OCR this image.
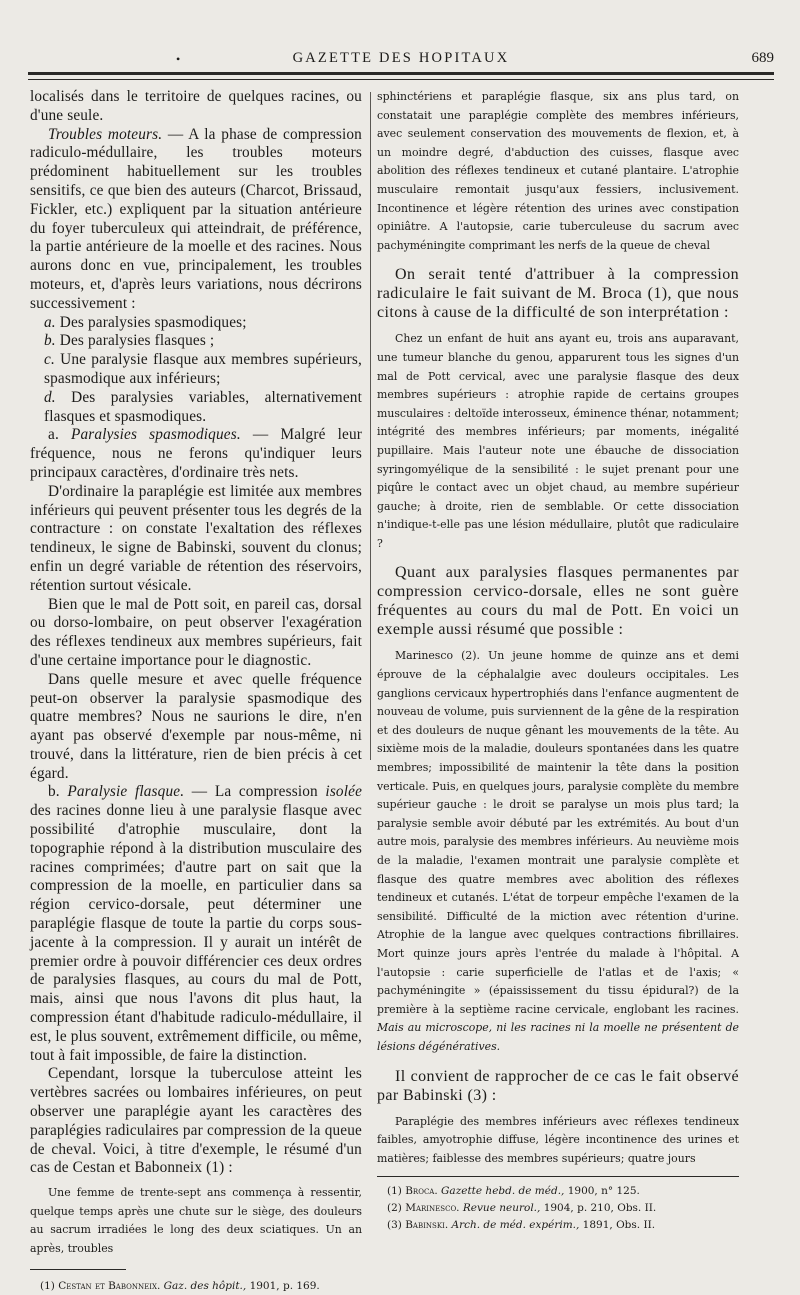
•	GAZETTE DES HOPITAUX	689

localisés dans le territoire de quelques racines, ou d'une seule.

Troubles moteurs. — A la phase de compression radiculo-médullaire, les troubles moteurs prédominent habituellement sur les troubles sensitifs, ce que bien des auteurs (Charcot, Brissaud, Fickler, etc.) expliquent par la situation antérieure du foyer tuberculeux qui atteindrait, de préférence, la partie antérieure de la moelle et des racines. Nous aurons donc en vue, principalement, les troubles moteurs, et, d'après leurs variations, nous décrirons successivement :

a. Des paralysies spasmodiques;

b. Des paralysies flasques ;

c. Une paralysie flasque aux membres supérieurs, spasmodique aux inférieurs;

d. Des paralysies variables, alternativement flasques et spasmodiques.

a. Paralysies spasmodiques. — Malgré leur fréquence, nous ne ferons qu'indiquer leurs principaux caractères, d'ordinaire très nets.

D'ordinaire la paraplégie est limitée aux membres inférieurs qui peuvent présenter tous les degrés de la contracture : on constate l'exaltation des réflexes tendineux, le signe de Babinski, souvent du clonus; enfin un degré variable de rétention des réservoirs, rétention surtout vésicale.

Bien que le mal de Pott soit, en pareil cas, dorsal ou dorso-lombaire, on peut observer l'exagération des réflexes tendineux aux membres supérieurs, fait d'une certaine importance pour le diagnostic.

Dans quelle mesure et avec quelle fréquence peut-on observer la paralysie spasmodique des quatre membres? Nous ne saurions le dire, n'en ayant pas observé d'exemple par nous-même, ni trouvé, dans la littérature, rien de bien précis à cet égard.

b. Paralysie flasque. — La compression isolée des racines donne lieu à une paralysie flasque avec possibilité d'atrophie musculaire, dont la topographie répond à la distribution musculaire des racines comprimées; d'autre part on sait que la compression de la moelle, en particulier dans sa région cervico-dorsale, peut déterminer une paraplégie flasque de toute la partie du corps sous-jacente à la compression. Il y aurait un intérêt de premier ordre à pouvoir différencier ces deux ordres de paralysies flasques, au cours du mal de Pott, mais, ainsi que nous l'avons dit plus haut, la compression étant d'habitude radiculo-médullaire, il est, le plus souvent, extrêmement difficile, ou même, tout à fait impossible, de faire la distinction.

Cependant, lorsque la tuberculose atteint les vertèbres sacrées ou lombaires inférieures, on peut observer une paraplégie ayant les caractères des paraplégies radiculaires par compression de la queue de cheval. Voici, à titre d'exemple, le résumé d'un cas de Cestan et Babonneix (1) :

Une femme de trente-sept ans commença à ressentir, quelque temps après une chute sur le siège, des douleurs au sacrum irradiées le long des deux sciatiques. Un an après, troubles

(1) Cestan et Babonneix. Gaz. des hôpit., 1901, p. 169.

sphinctériens et paraplégie flasque, six ans plus tard, on constatait une paraplégie complète des membres inférieurs, avec seulement conservation des mouvements de flexion, et, à un moindre degré, d'abduction des cuisses, flasque avec abolition des réflexes tendineux et cutané plantaire. L'atrophie musculaire remontait jusqu'aux fessiers, inclusivement. Incontinence et légère rétention des urines avec constipation opiniâtre. A l'autopsie, carie tuberculeuse du sacrum avec pachyméningite comprimant les nerfs de la queue de cheval

On serait tenté d'attribuer à la compression radiculaire le fait suivant de M. Broca (1), que nous citons à cause de la difficulté de son interprétation :

Chez un enfant de huit ans ayant eu, trois ans auparavant, une tumeur blanche du genou, apparurent tous les signes d'un mal de Pott cervical, avec une paralysie flasque des deux membres supérieurs : atrophie rapide de certains groupes musculaires : deltoïde interosseux, éminence thénar, notamment; intégrité des membres inférieurs; par moments, inégalité pupillaire. Mais l'auteur note une ébauche de dissociation syringomyélique de la sensibilité : le sujet prenant pour une piqûre le contact avec un objet chaud, au membre supérieur gauche; à droite, rien de semblable. Or cette dissociation n'indique-t-elle pas une lésion médullaire, plutôt que radiculaire ?

Quant aux paralysies flasques permanentes par compression cervico-dorsale, elles ne sont guère fréquentes au cours du mal de Pott. En voici un exemple aussi résumé que possible :

Marinesco (2). Un jeune homme de quinze ans et demi éprouve de la céphalalgie avec douleurs occipitales. Les ganglions cervicaux hypertrophiés dans l'enfance augmentent de nouveau de volume, puis surviennent de la gêne de la respiration et des douleurs de nuque gênant les mouvements de la tête. Au sixième mois de la maladie, douleurs spontanées dans les quatre membres; impossibilité de maintenir la tête dans la position verticale. Puis, en quelques jours, paralysie complète du membre supérieur gauche : le droit se paralyse un mois plus tard; la paralysie semble avoir débuté par les extrémités. Au bout d'un autre mois, paralysie des membres inférieurs. Au neuvième mois de la maladie, l'examen montrait une paralysie complète et flasque des quatre membres avec abolition des réflexes tendineux et cutanés. L'état de torpeur empêche l'examen de la sensibilité. Difficulté de la miction avec rétention d'urine. Atrophie de la langue avec quelques contractions fibrillaires. Mort quinze jours après l'entrée du malade à l'hôpital. A l'autopsie : carie superficielle de l'atlas et de l'axis; « pachyméningite » (épaississement du tissu épidural?) de la première à la septième racine cervicale, englobant les racines. Mais au microscope, ni les racines ni la moelle ne présentent de lésions dégénératives.

Il convient de rapprocher de ce cas le fait observé par Babinski (3) :

Paraplégie des membres inférieurs avec réflexes tendineux faibles, amyotrophie diffuse, légère incontinence des urines et matières; faiblesse des membres supérieurs; quatre jours

(1) Broca. Gazette hebd. de méd., 1900, n° 125.

(2) Marinesco. Revue neurol., 1904, p. 210, Obs. II.

(3) Babinski. Arch. de méd. expérim., 1891, Obs. II.
